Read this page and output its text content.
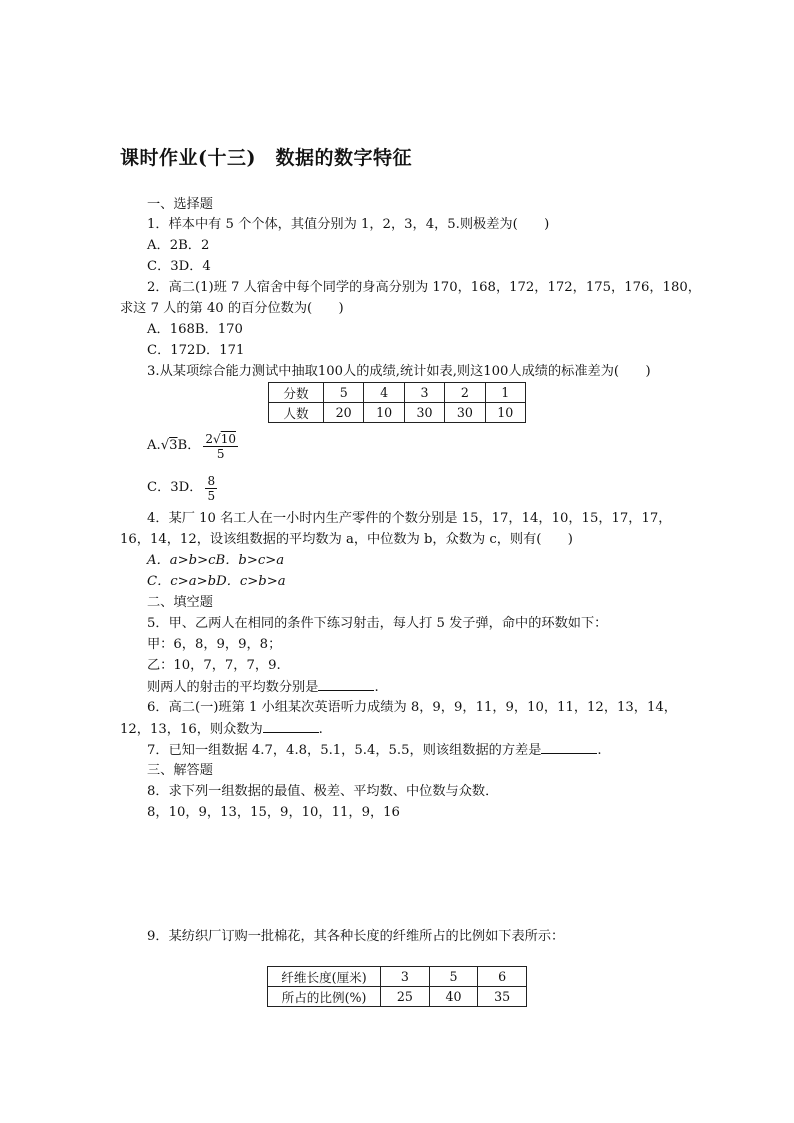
课时作业(十三)　数据的数字特征
一、选择题
1．样本中有 5 个个体，其值分别为 1，2，3，4，5.则极差为(　　)
A．2B．2
C．3D．4
2．高二(1)班 7 人宿舍中每个同学的身高分别为 170，168，172，172，175，176，180，
求这 7 人的第 40 的百分位数为(　　)
A．168B．170
C．172D．171
3.从某项综合能力测试中抽取100人的成绩,统计如表,则这100人成绩的标准差为(　　)
分数	5	4	3	2	1
人数	20	10	30	30	10
A. √ 3 B． $\frac{2√10}{5}$
C．3D． $\frac{8}{5}$
4．某厂 10 名工人在一小时内生产零件的个数分别是 15，17，14，10，15，17，17，
16，14，12，设该组数据的平均数为 a，中位数为 b，众数为 c，则有(　　)
A．a>b>cB．b>c>a
C．c>a>bD．c>b>a
二、填空题
5．甲、乙两人在相同的条件下练习射击，每人打 5 发子弹，命中的环数如下：
甲：6，8，9，9，8；
乙：10，7，7，7，9.
则两人的射击的平均数分别是	.
6．高二(一)班第 1 小组某次英语听力成绩为 8，9，9，11，9，10，11，12，13，14，
12，13，16，则众数为	.
7．已知一组数据 4.7，4.8，5.1，5.4，5.5，则该组数据的方差是	.
三、解答题
8．求下列一组数据的最值、极差、平均数、中位数与众数．
8，10，9，13，15，9，10，11，9，16
9．某纺织厂订购一批棉花，其各种长度的纤维所占的比例如下表所示：
纤维长度(厘米)	3	5	6
所占的比例(%)	25	40	35
